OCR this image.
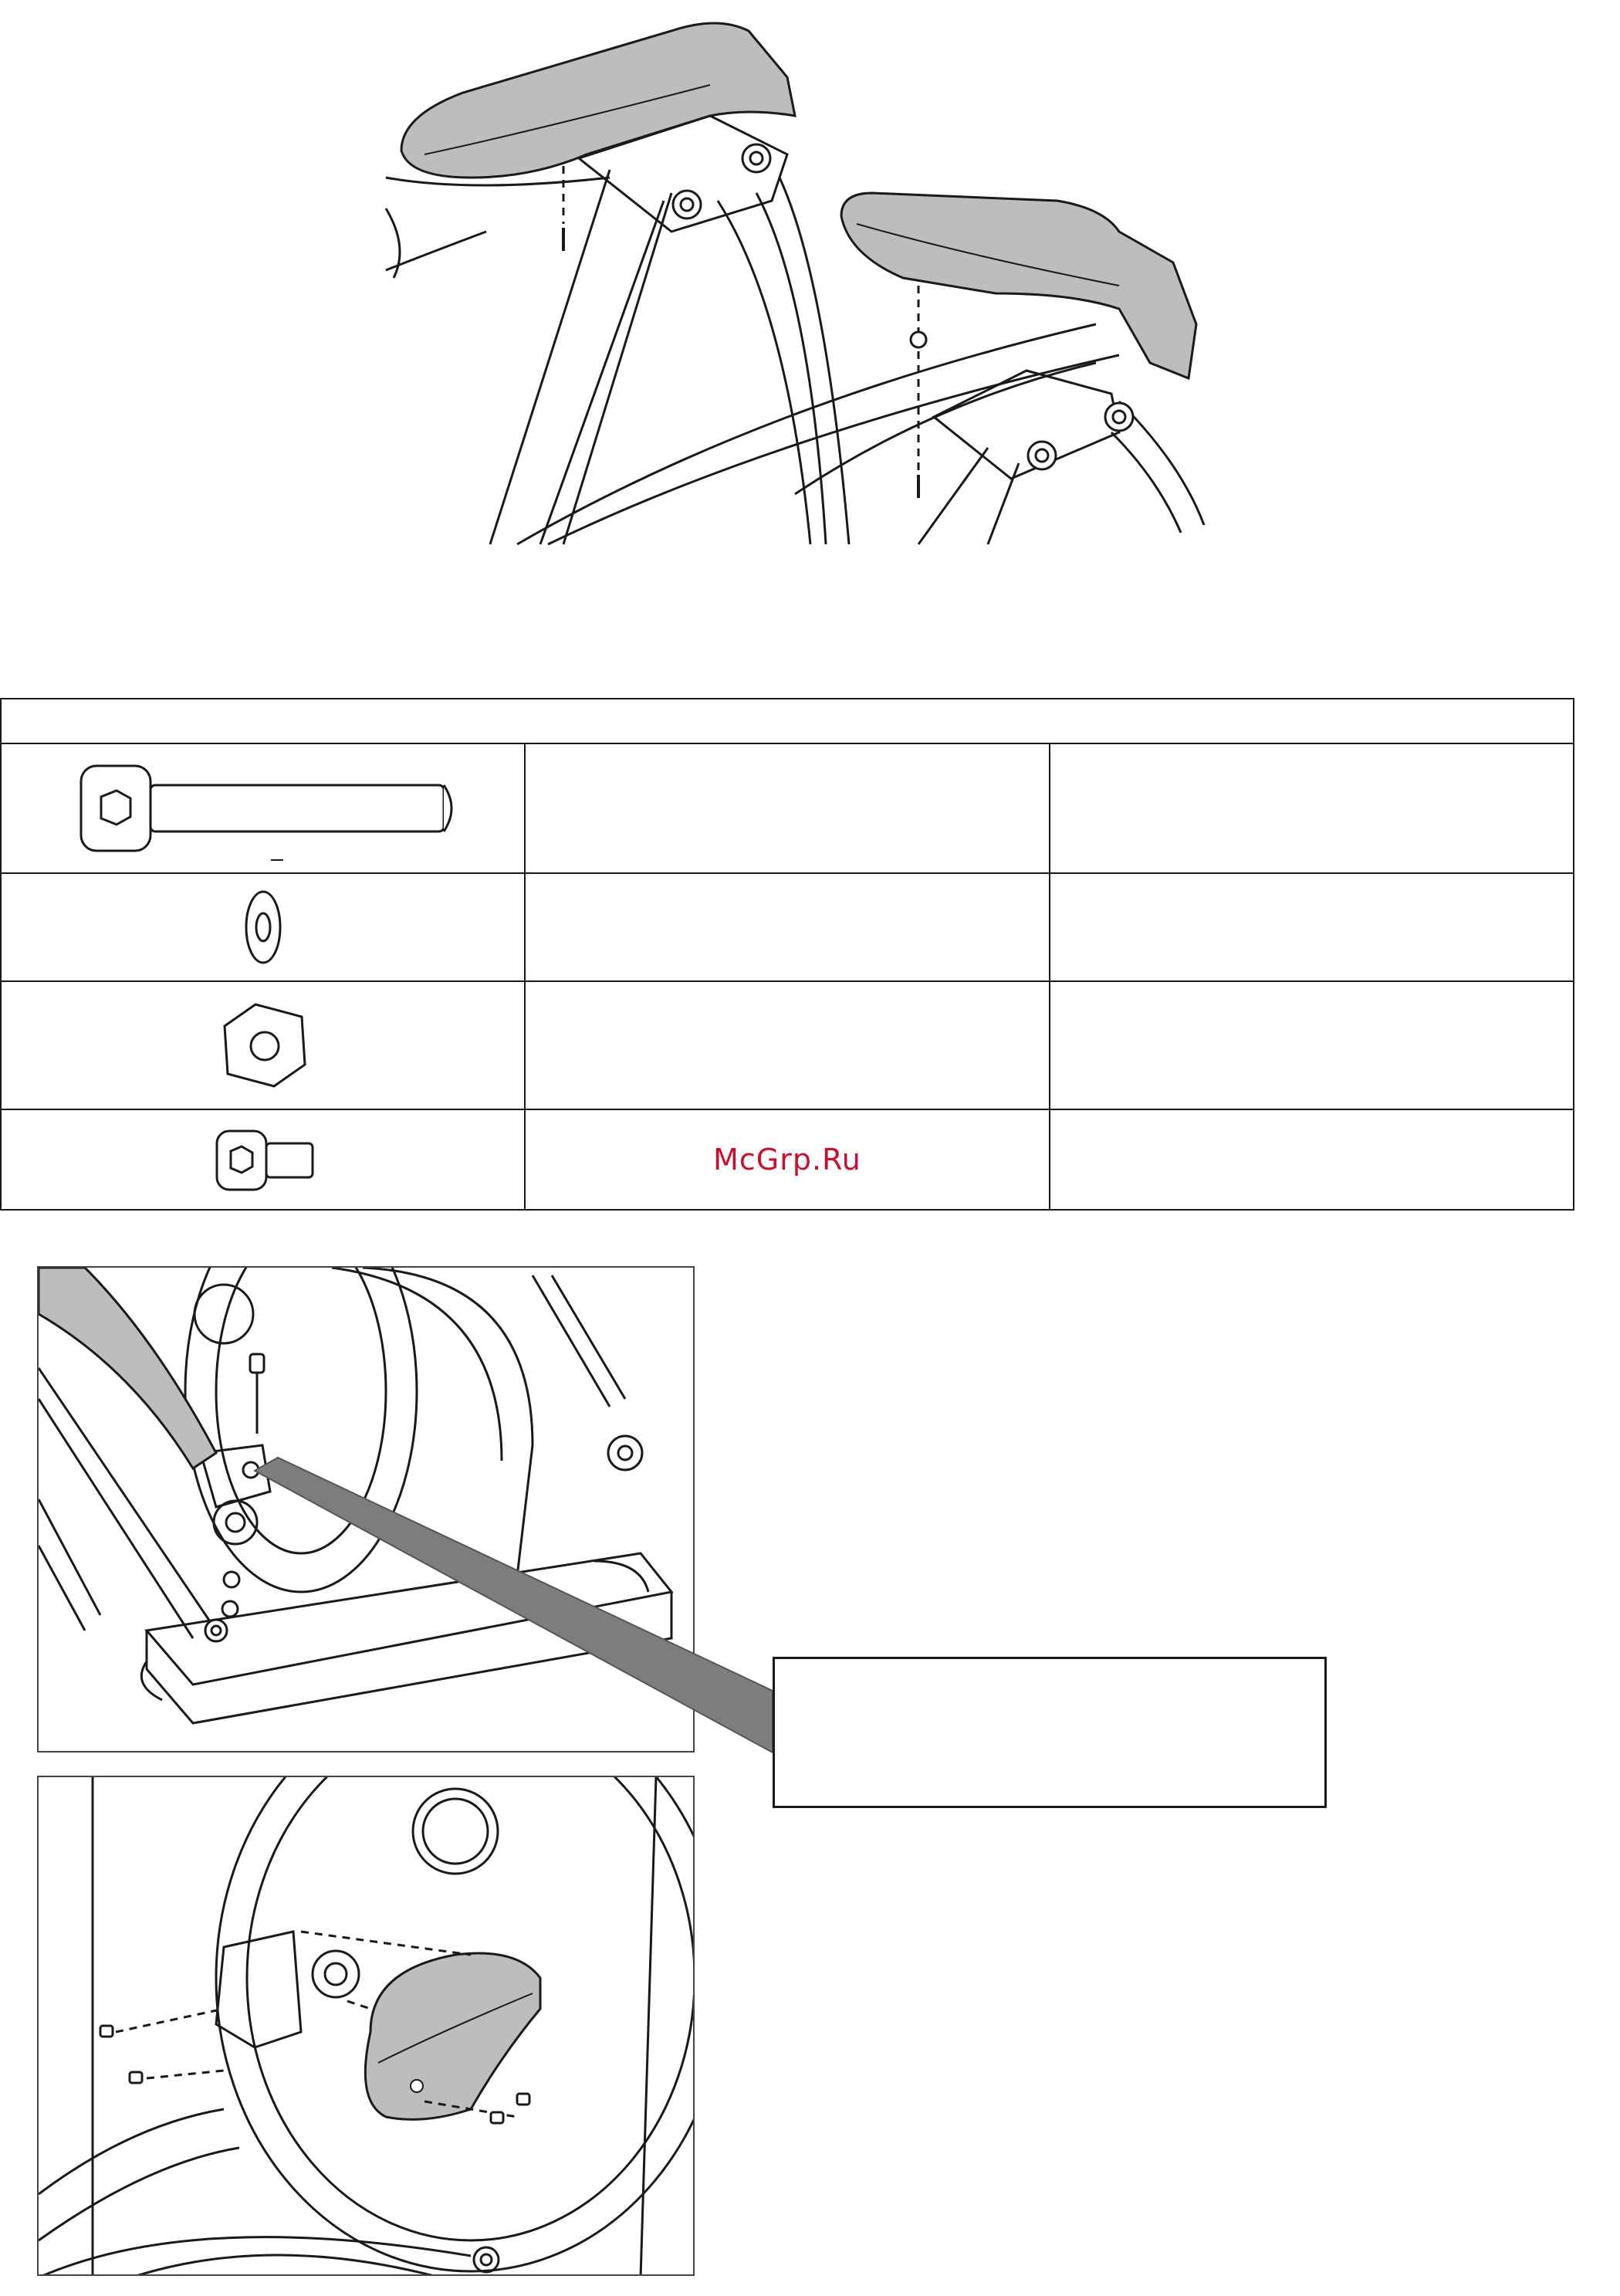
	McGrp.Ru	
